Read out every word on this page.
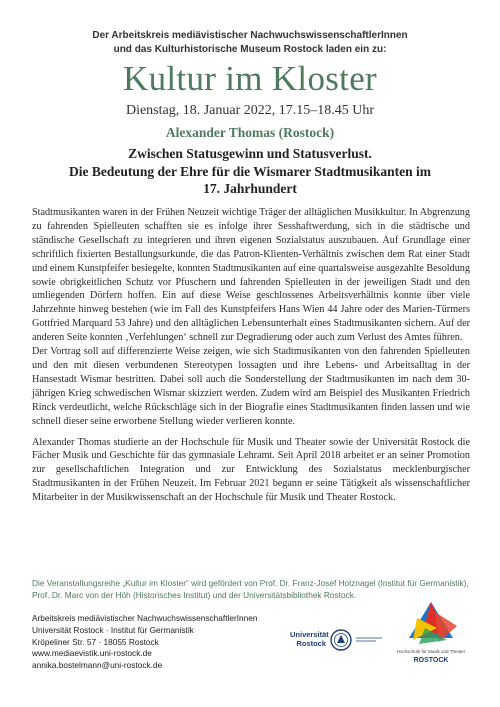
Der Arbeitskreis mediävistischer NachwuchswissenschaftlerInnen
und das Kulturhistorische Museum Rostock laden ein zu:
Kultur im Kloster
Dienstag, 18. Januar 2022, 17.15–18.45 Uhr
Alexander Thomas (Rostock)
Zwischen Statusgewinn und Statusverlust.
Die Bedeutung der Ehre für die Wismarer Stadtmusikanten im
17. Jahrhundert

Stadtmusikanten waren in der Frühen Neuzeit wichtige Träger der alltäglichen Musikkultur. In Abgrenzung zu fahrenden Spielleuten schafften sie es infolge ihrer Sesshaftwerdung, sich in die städtische und ständische Gesellschaft zu integrieren und ihren eigenen Sozialstatus auszubauen. Auf Grundlage einer schriftlich fixierten Bestallungsurkunde, die das Patron-Klienten-Verhältnis zwischen dem Rat einer Stadt und einem Kunstpfeifer besiegelte, konnten Stadtmusikanten auf eine quartalsweise ausgezahlte Besoldung sowie obrigkeitlichen Schutz vor Pfuschern und fahrenden Spielleuten in der jeweiligen Stadt und den umliegenden Dörfern hoffen. Ein auf diese Weise geschlossenes Arbeitsverhältnis konnte über viele Jahrzehnte hinweg bestehen (wie im Fall des Kunstpfeifers Hans Wien 44 Jahre oder des Marien-Türmers Gottfried Marquard 53 Jahre) und den alltäglichen Lebensunterhalt eines Stadtmusikanten sichern. Auf der anderen Seite konnten ‚Verfehlungen‘ schnell zur Degradierung oder auch zum Verlust des Amtes führen.

Der Vortrag soll auf differenzierte Weise zeigen, wie sich Stadtmusikanten von den fahrenden Spielleuten und den mit diesen verbundenen Stereotypen lossagten und ihre Lebens- und Arbeitsalltag in der Hansestadt Wismar bestritten. Dabei soll auch die Sonderstellung der Stadtmusikanten im nach dem 30-jährigen Krieg schwedischen Wismar skizziert werden. Zudem wird am Beispiel des Musikanten Friedrich Rinck verdeutlicht, welche Rückschläge sich in der Biografie eines Stadtmusikanten finden lassen und wie schnell dieser seine erworbene Stellung wieder verlieren konnte.

Alexander Thomas studierte an der Hochschule für Musik und Theater sowie der Universität Rostock die Fächer Musik und Geschichte für das gymnasiale Lehramt. Seit April 2018 arbeitet er an seiner Promotion zur gesellschaftlichen Integration und zur Entwicklung des Sozialstatus mecklenburgischer Stadtmusikanten in der Frühen Neuzeit. Im Februar 2021 begann er seine Tätigkeit als wissenschaftlicher Mitarbeiter in der Musikwissenschaft an der Hochschule für Musik und Theater Rostock.

Die Veranstaltungsreihe „Kultur im Kloster“ wird gefördert von Prof. Dr. Franz-Josef Holznagel (Institut für Germanistik), Prof. Dr. Marc von der Höh (Historisches Institut) und der Universitätsbibliothek Rostock.
Arbeitskreis mediävistischer NachwuchswissenschaftlerInnen
Universität Rostock · Institut für Germanistik
Kröpeliner Str. 57 · 18055 Rostock
www.mediaevistik.uni-rostock.de
annika.bostelmann@uni-rostock.de
Universität
Rostock
Hochschule für Musik und Theater
ROSTOCK
